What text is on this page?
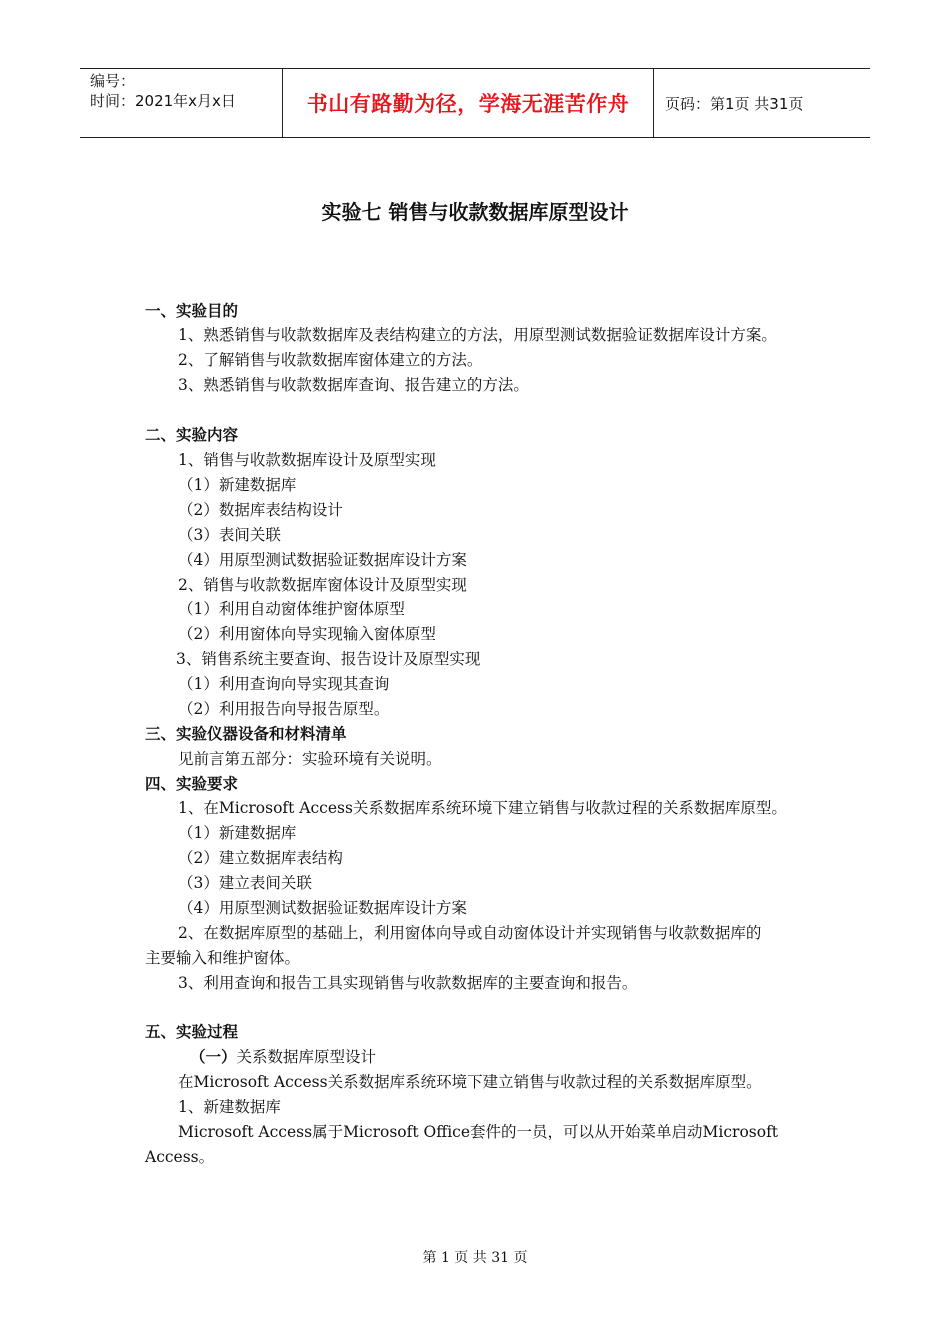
编号：
时间：2021年x月x日	书山有路勤为径，学海无涯苦作舟	页码：第1页 共31页
实验七 销售与收款数据库原型设计
一、实验目的
1、熟悉销售与收款数据库及表结构建立的方法，用原型测试数据验证数据库设计方案。
2、了解销售与收款数据库窗体建立的方法。
3、熟悉销售与收款数据库查询、报告建立的方法。
二、实验内容
1、销售与收款数据库设计及原型实现
（1）新建数据库
（2）数据库表结构设计
（3）表间关联
（4）用原型测试数据验证数据库设计方案
2、销售与收款数据库窗体设计及原型实现
（1）利用自动窗体维护窗体原型
（2）利用窗体向导实现输入窗体原型
3、销售系统主要查询、报告设计及原型实现
（1）利用查询向导实现其查询
（2）利用报告向导报告原型。
三、实验仪器设备和材料清单
见前言第五部分：实验环境有关说明。
四、实验要求
1、在Microsoft Access关系数据库系统环境下建立销售与收款过程的关系数据库原型。
（1）新建数据库
（2）建立数据库表结构
（3）建立表间关联
（4）用原型测试数据验证数据库设计方案
2、在数据库原型的基础上，利用窗体向导或自动窗体设计并实现销售与收款数据库的
主要输入和维护窗体。
3、利用查询和报告工具实现销售与收款数据库的主要查询和报告。
五、实验过程
（一）关系数据库原型设计
在Microsoft Access关系数据库系统环境下建立销售与收款过程的关系数据库原型。
1、新建数据库
Microsoft Access属于Microsoft Office套件的一员，可以从开始菜单启动Microsoft
Access。
第 1 页 共 31 页
